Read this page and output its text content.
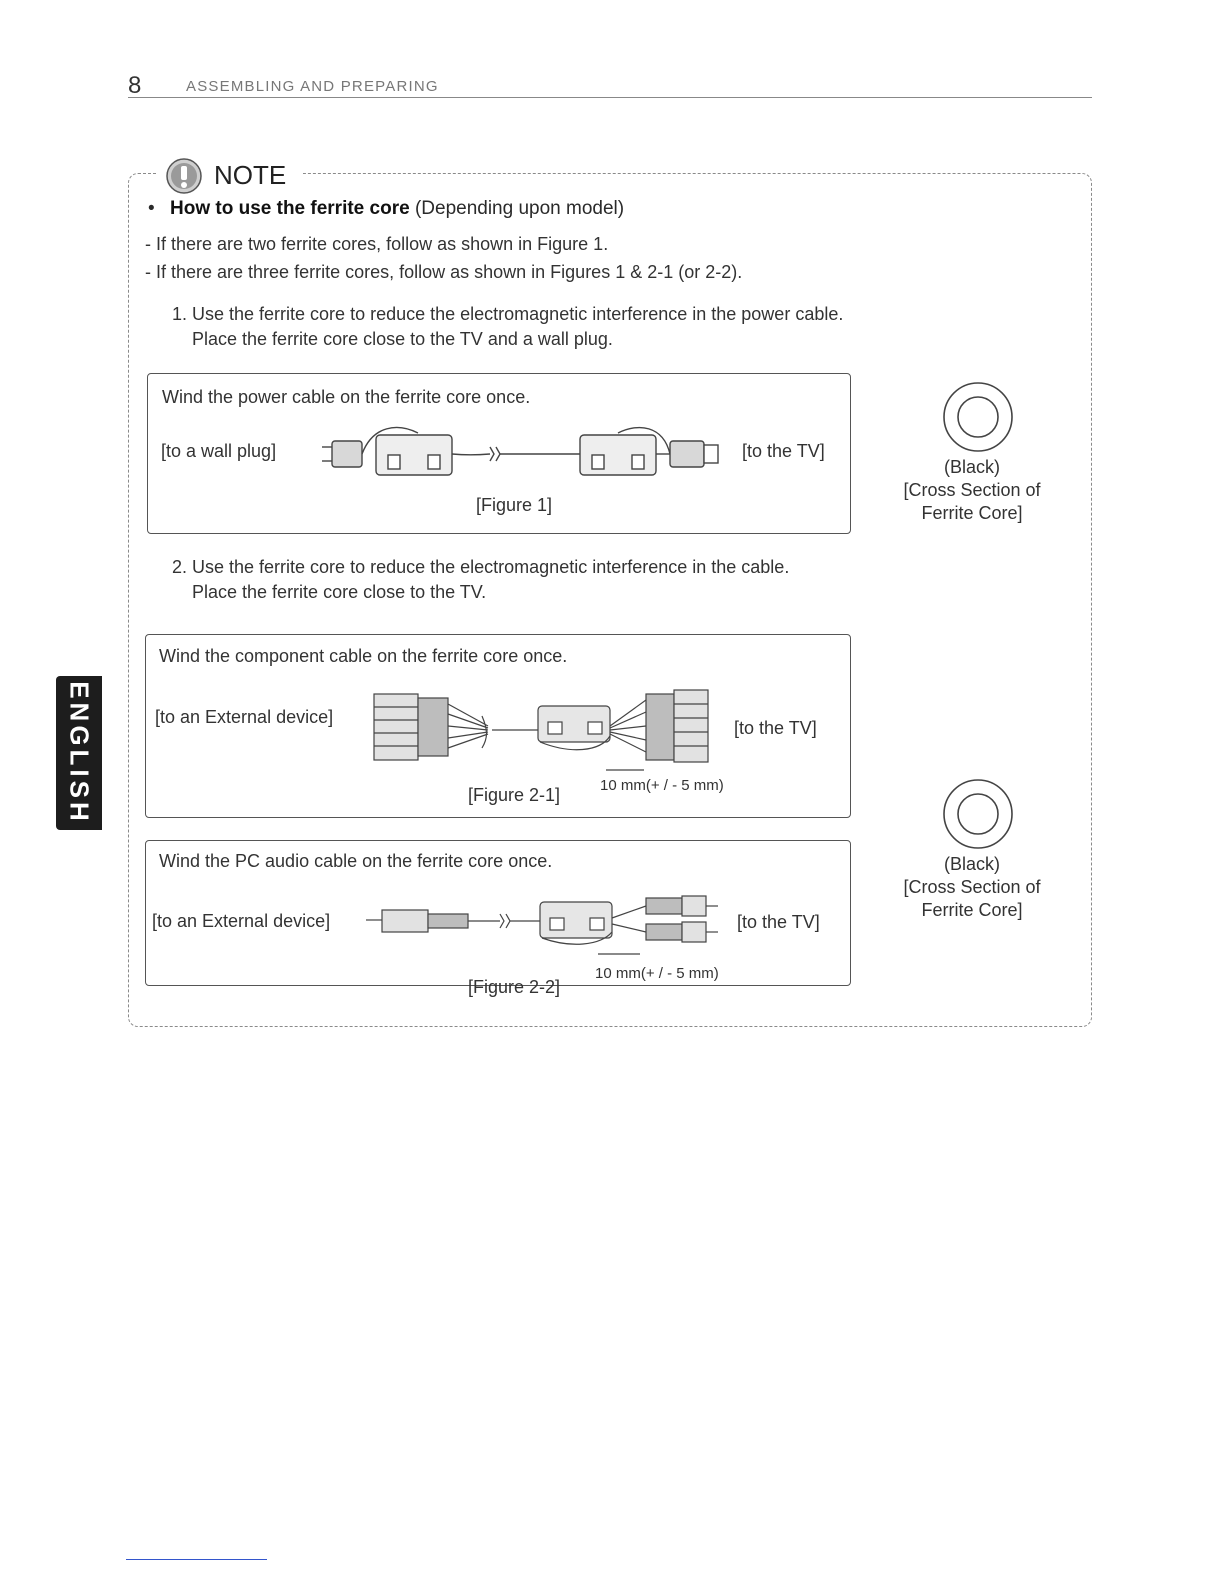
8	ASSEMBLING AND PREPARING
ENGLISH
NOTE
• How to use the ferrite core (Depending upon model)
- If there are two ferrite cores, follow as shown in Figure 1.
- If there are three ferrite cores, follow as shown in Figures 1 & 2-1 (or 2-2).
1. Use the ferrite core to reduce the electromagnetic interference in the power cable.
Place the ferrite core close to the TV and a wall plug.
Wind the power cable on the ferrite core once.
[to a wall plug]	[to the TV]
[Figure 1]
(Black)
[Cross Section of
Ferrite Core]
2. Use the ferrite core to reduce the electromagnetic interference in the cable.
Place the ferrite core close to the TV.
Wind the component cable on the ferrite core once.
[to an External device]
[to the TV]
[Figure 2-1]	10 mm(+ / - 5 mm)
Wind the PC audio cable on the ferrite core once.
[to an External device]	[to the TV]
[Figure 2-2]
10 mm(+ / - 5 mm)
(Black)
[Cross Section of
Ferrite Core]
